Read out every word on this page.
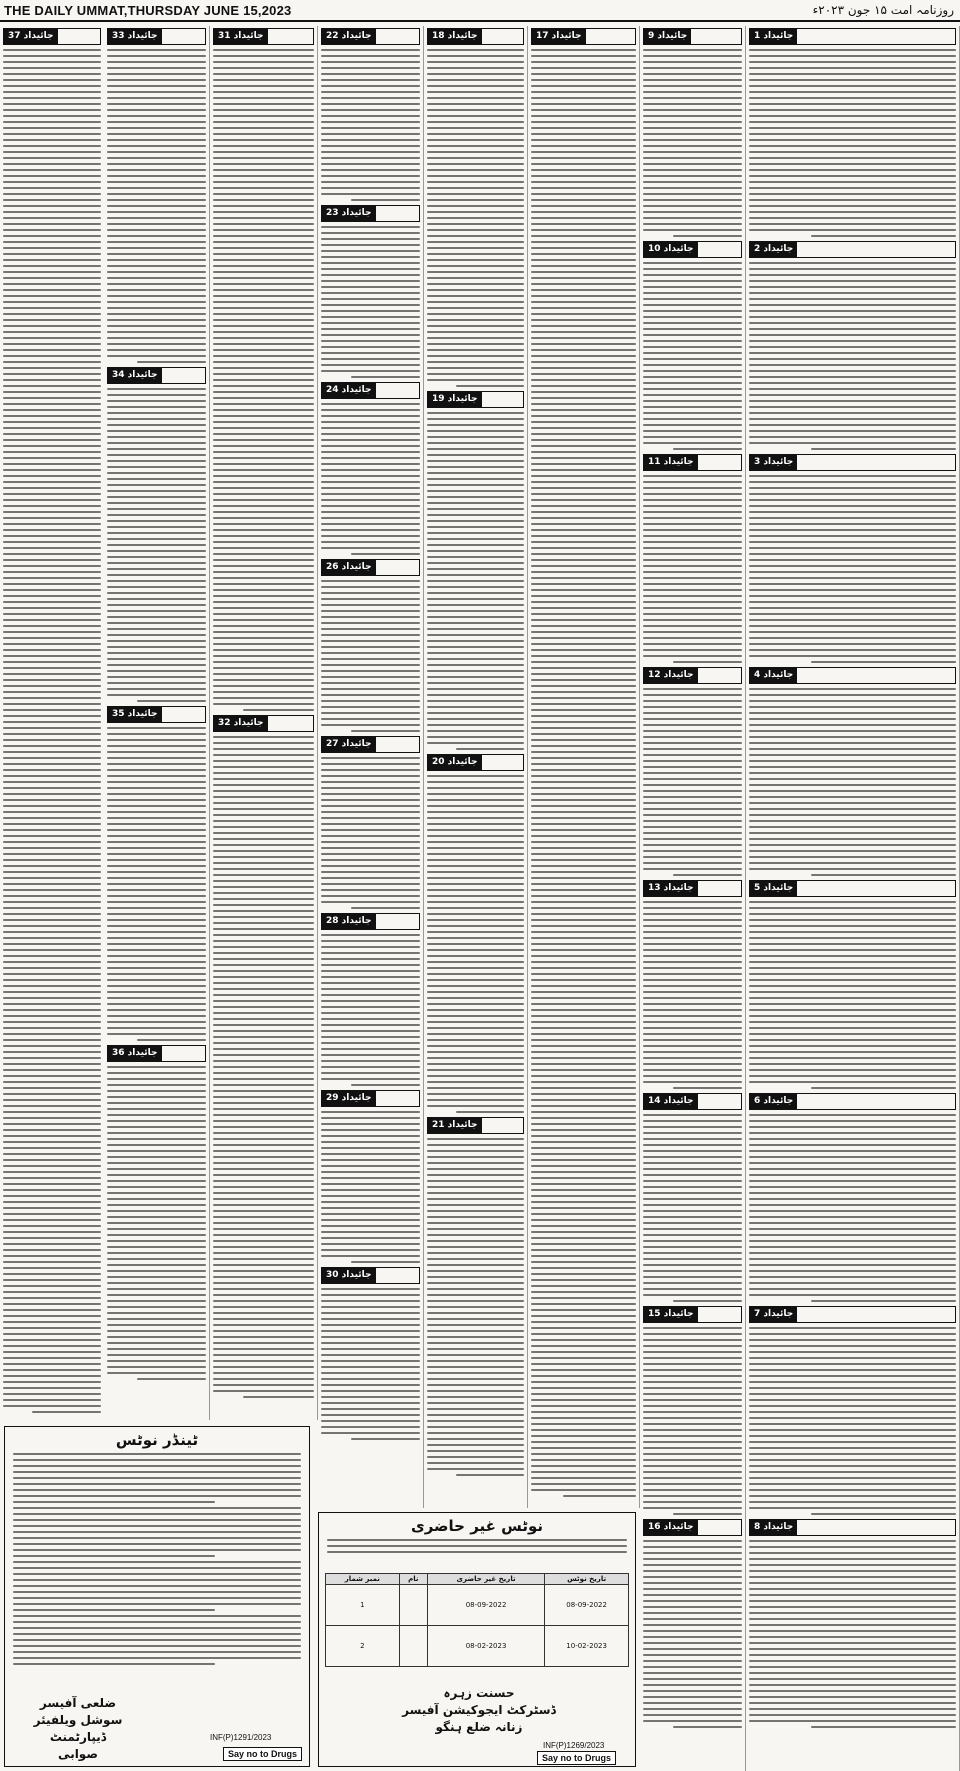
THE DAILY UMMAT,THURSDAY JUNE 15,2023	روزنامہ امت ۱۵ جون ۲۰۲۳ء
جائیداد 1
جائیداد 2
جائیداد 3
جائیداد 4
جائیداد 5
جائیداد 6
جائیداد 7
جائیداد 8
جائیداد 9
جائیداد 10
جائیداد 11
جائیداد 12
جائیداد 13
جائیداد 14
جائیداد 15
جائیداد 16
جائیداد 17
جائیداد 18
جائیداد 19
جائیداد 20
جائیداد 21
جائیداد 22
جائیداد 23
جائیداد 24
جائیداد 26
جائیداد 27
جائیداد 28
جائیداد 29
جائیداد 30
جائیداد 31
جائیداد 32
جائیداد 33
جائیداد 34
جائیداد 35
جائیداد 36
جائیداد 37
ٹینڈر نوٹس
ضلعی آفیسر
سوشل ویلفیئر ڈیپارٹمنٹ
صوابی
INF(P)1291/2023
Say no to Drugs
نوٹس غیر حاضری
نمبر شمار	نام	تاریخ غیر حاضری	تاریخ نوٹس
1		08-09-2022	08-09-2022
2		08-02-2023	10-02-2023
حسنت زہرہ
ڈسٹرکٹ ایجوکیشن آفیسر
زنانہ ضلع ہنگو
INF(P)1269/2023
Say no to Drugs
